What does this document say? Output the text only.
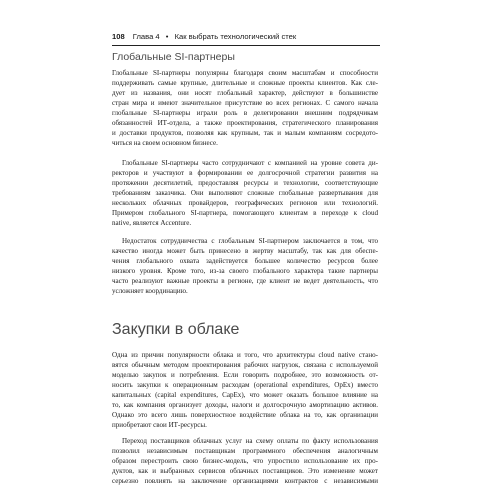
108 Глава 4 • Как выбрать технологический стек
Глобальные SI-партнеры
Глобальные SI-партнеры популярны благодаря своим масштабам и способности
поддерживать самые крупные, длительные и сложные проекты клиентов. Как сле-
дует из названия, они носят глобальный характер, действуют в большинстве
стран мира и имеют значительное присутствие во всех регионах. С самого начала
глобальные SI-партнеры играли роль в делегировании внешним подрядчикам
обязанностей ИТ-отдела, а также проектирования, стратегического планирования
и доставки продуктов, позволяя как крупным, так и малым компаниям сосредото-
читься на своем основном бизнесе.
Глобальные SI-партнеры часто сотрудничают с компанией на уровне совета ди-
ректоров и участвуют в формировании ее долгосрочной стратегии развития на
протяжении десятилетий, предоставляя ресурсы и технологии, соответствующие
требованиям заказчика. Они выполняют сложные глобальные развертывания для
нескольких облачных провайдеров, географических регионов или технологий.
Примером глобального SI-партнера, помогающего клиентам в переходе к cloud
native, является Accenture.
Недостаток сотрудничества с глобальным SI-партнером заключается в том, что
качество иногда может быть принесено в жертву масштабу, так как для обеспе-
чения глобального охвата задействуется большее количество ресурсов более
низкого уровня. Кроме того, из-за своего глобального характера такие партнеры
часто реализуют важные проекты в регионе, где клиент не ведет деятельность, что
усложняет координацию.
Закупки в облаке
Одна из причин популярности облака и того, что архитектуры cloud native стано-
вятся обычным методом проектирования рабочих нагрузок, связана с используемой
моделью закупок и потребления. Если говорить подробнее, это возможность от-
носить закупки к операционным расходам (operational expenditures, OpEx) вместо
капитальных (capital expenditures, CapEx), что может оказать большое влияние на
то, как компания организует доходы, налоги и долгосрочную амортизацию активов.
Однако это всего лишь поверхностное воздействие облака на то, как организации
приобретают свои ИТ-ресурсы.
Переход поставщиков облачных услуг на схему оплаты по факту использования
позволил независимым поставщикам программного обеспечения аналогичным
образом перестроить свою бизнес-модель, что упростило использование их про-
дуктов, как и выбранных сервисов облачных поставщиков. Это изменение может
серьезно повлиять на заключение организациями контрактов с независимыми
